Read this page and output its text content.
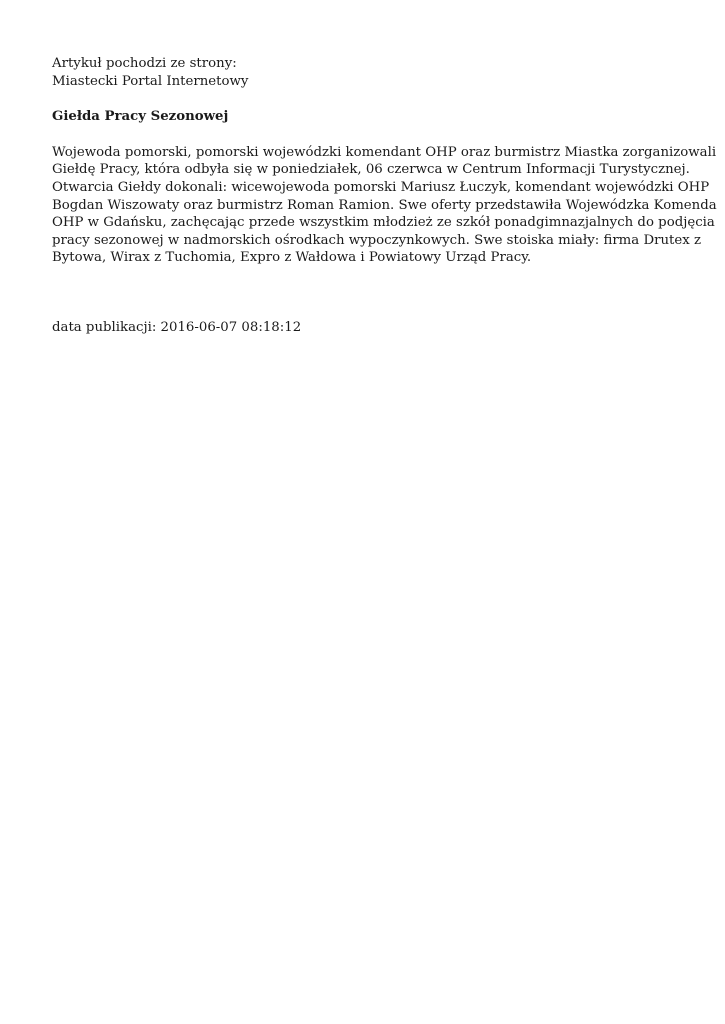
Artykuł pochodzi ze strony:
Miastecki Portal Internetowy
Giełda Pracy Sezonowej
Wojewoda pomorski, pomorski wojewódzki komendant OHP oraz burmistrz Miastka zorganizowali
Giełdę Pracy, która odbyła się w poniedziałek, 06 czerwca w Centrum Informacji Turystycznej.
Otwarcia Giełdy dokonali: wicewojewoda pomorski Mariusz Łuczyk, komendant wojewódzki OHP
Bogdan Wiszowaty oraz burmistrz Roman Ramion. Swe oferty przedstawiła Wojewódzka Komenda
OHP w Gdańsku, zachęcając przede wszystkim młodzież ze szkół ponadgimnazjalnych do podjęcia
pracy sezonowej w nadmorskich ośrodkach wypoczynkowych. Swe stoiska miały: firma Drutex z
Bytowa, Wirax z Tuchomia, Expro z Wałdowa i Powiatowy Urząd Pracy.
data publikacji: 2016-06-07 08:18:12
